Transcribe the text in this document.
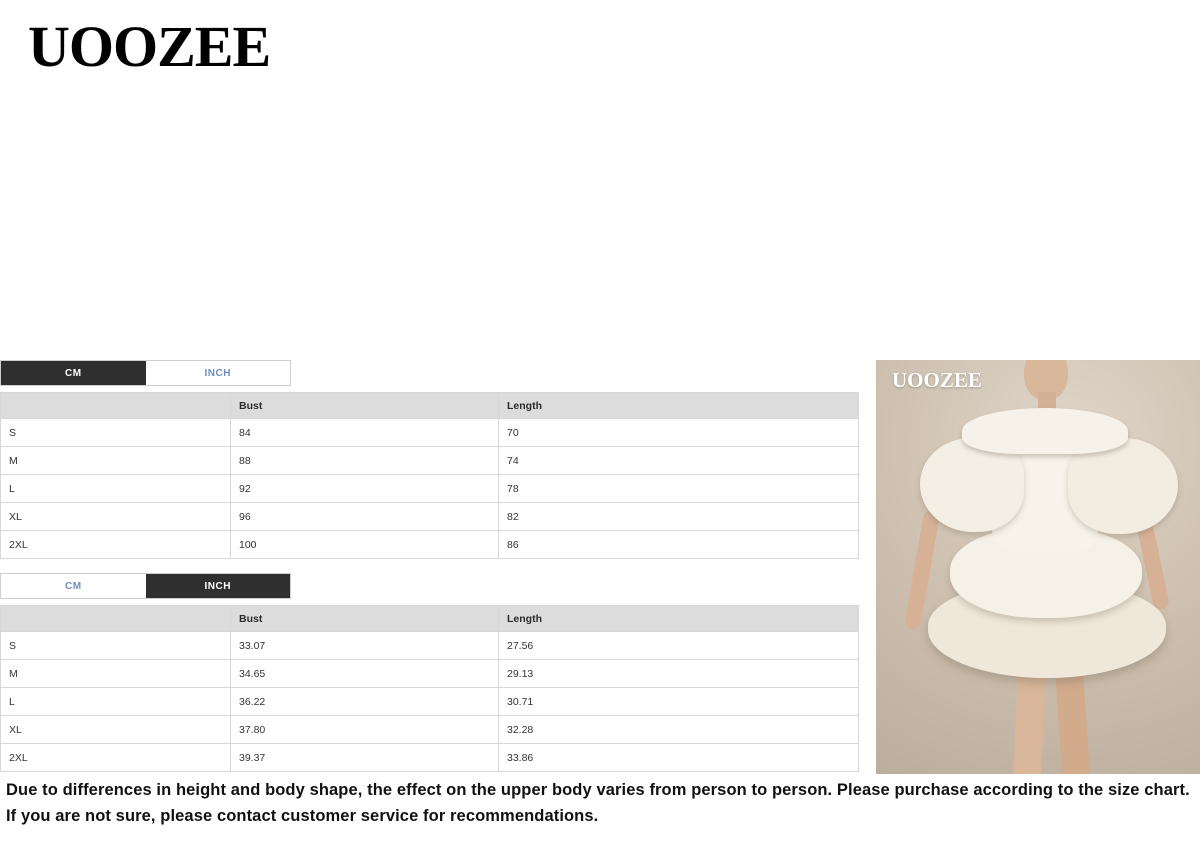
UOOZEE
CM	INCH
	Bust	Length
S	84	70
M	88	74
L	92	78
XL	96	82
2XL	100	86
CM	INCH
	Bust	Length
S	33.07	27.56
M	34.65	29.13
L	36.22	30.71
XL	37.80	32.28
2XL	39.37	33.86
UOOZEE
Due to differences in height and body shape, the effect on the upper body varies from person to person. Please purchase according to the size chart. If you are not sure, please contact customer service for recommendations.
